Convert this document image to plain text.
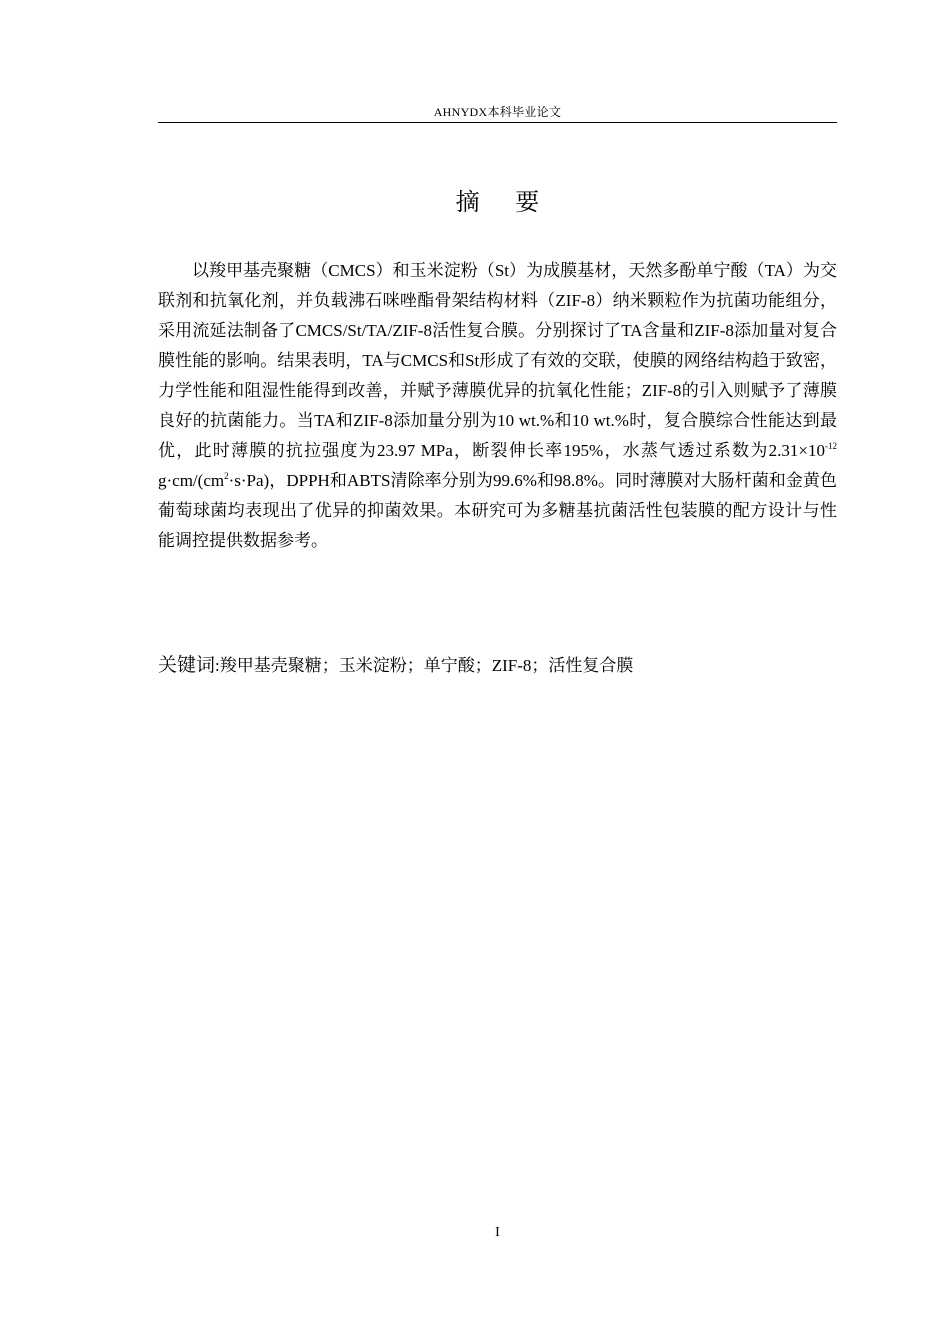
AHNYDX本科毕业论文
摘 要

以羧甲基壳聚糖（CMCS）和玉米淀粉（St）为成膜基材，天然多酚单宁酸（TA）为交联剂和抗氧化剂，并负载沸石咪唑酯骨架结构材料（ZIF-8）纳米颗粒作为抗菌功能组分，采用流延法制备了CMCS/St/TA/ZIF-8活性复合膜。分别探讨了TA含量和ZIF-8添加量对复合膜性能的影响。结果表明，TA与CMCS和St形成了有效的交联，使膜的网络结构趋于致密，力学性能和阻湿性能得到改善，并赋予薄膜优异的抗氧化性能；ZIF-8的引入则赋予了薄膜良好的抗菌能力。当TA和ZIF-8添加量分别为10 wt.%和10 wt.%时，复合膜综合性能达到最优，此时薄膜的抗拉强度为23.97 MPa，断裂伸长率195%，水蒸气透过系数为$2.31\times 10^{-12}$ $g\cdot cm/(cm^2\cdot s\cdot Pa)$，DPPH和ABTS清除率分别为99.6%和98.8%。同时薄膜对大肠杆菌和金黄色葡萄球菌均表现出了优异的抑菌效果。本研究可为多糖基抗菌活性包装膜的配方设计与性能调控提供数据参考。

关键词:羧甲基壳聚糖；玉米淀粉；单宁酸；ZIF-8；活性复合膜
I
